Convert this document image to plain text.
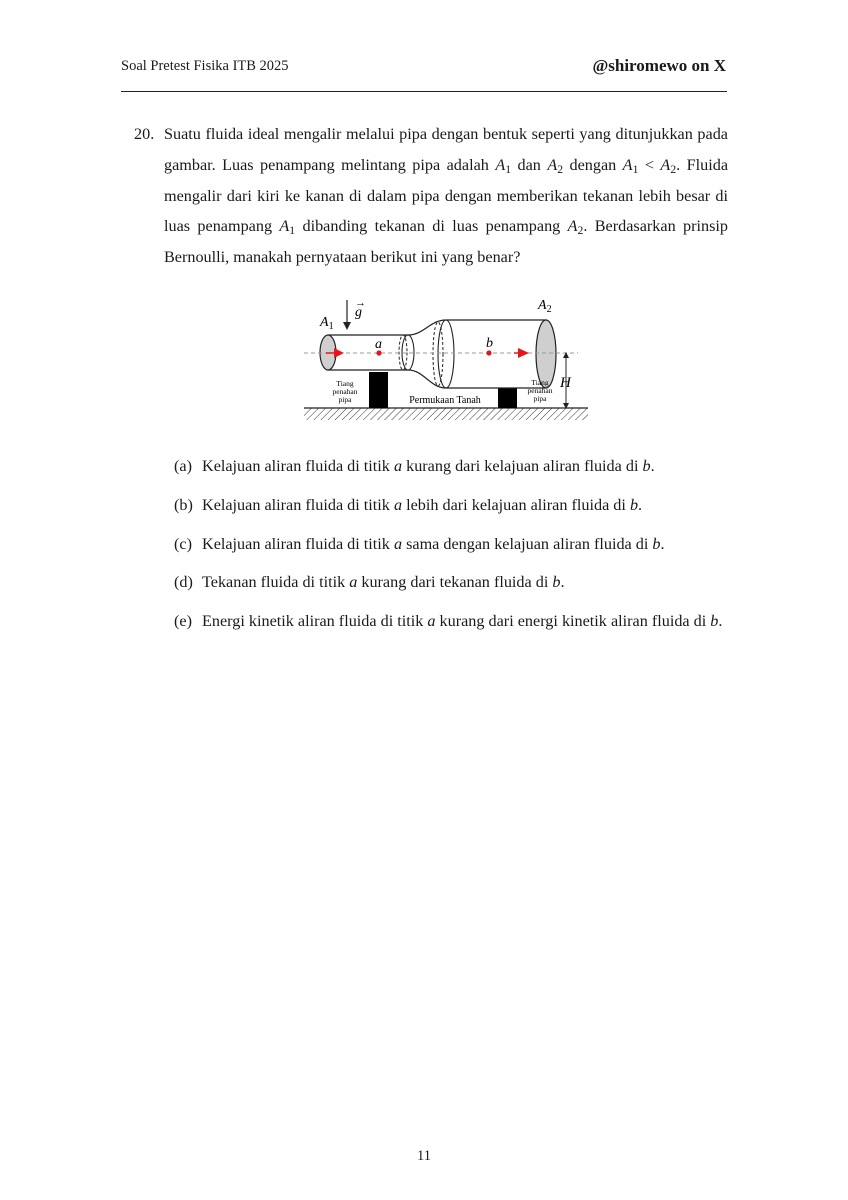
Soal Pretest Fisika ITB 2025	@shiromewo on X
20. Suatu fluida ideal mengalir melalui pipa dengan bentuk seperti yang ditunjukkan pada gambar. Luas penampang melintang pipa adalah $A_1$ dan $A_2$ dengan $A_1 < A_2$. Fluida mengalir dari kiri ke kanan di dalam pipa dengan memberikan tekanan lebih besar di luas penampang $A_1$ dibanding tekanan di luas penampang $A_2$. Berdasarkan prinsip Bernoulli, manakah pernyataan berikut ini yang benar?
a	b
g
→
$A_1$
$A_2$
H
Tiang
penahan
pipa
Tiang
penahan
pipa
Permukaan Tanah
(a) Kelajuan aliran fluida di titik a kurang dari kelajuan aliran fluida di b.
(b) Kelajuan aliran fluida di titik a lebih dari kelajuan aliran fluida di b.
(c) Kelajuan aliran fluida di titik a sama dengan kelajuan aliran fluida di b.
(d) Tekanan fluida di titik a kurang dari tekanan fluida di b.
(e) Energi kinetik aliran fluida di titik a kurang dari energi kinetik aliran fluida di b.
11
